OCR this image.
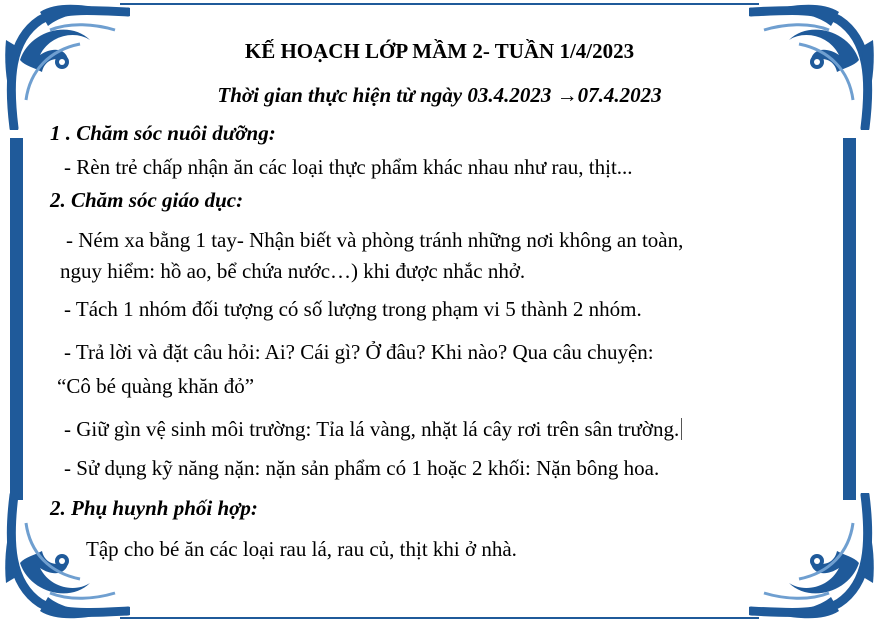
KẾ HOẠCH LỚP MẦM 2- TUẦN 1/4/2023
Thời gian thực hiện từ ngày 03.4.2023 →07.4.2023
1 . Chăm sóc nuôi dưỡng:
- Rèn trẻ chấp nhận ăn các loại thực phẩm khác nhau như rau, thịt...
2. Chăm sóc giáo dục:
- Ném xa bằng 1 tay- Nhận biết và phòng tránh những nơi không an toàn,
nguy hiểm: hồ ao, bể chứa nước…) khi được nhắc nhở.
- Tách 1 nhóm đối tượng có số lượng trong phạm vi 5 thành 2 nhóm.
- Trả lời và đặt câu hỏi: Ai? Cái gì? Ở đâu? Khi nào? Qua câu chuyện:
“Cô bé quàng khăn đỏ”
- Giữ gìn vệ sinh môi trường: Tỉa lá vàng, nhặt lá cây rơi trên sân trường.
- Sử dụng kỹ năng nặn: nặn sản phẩm có 1 hoặc 2 khối: Nặn bông hoa.
2. Phụ huynh phối hợp:
Tập cho bé ăn các loại rau lá, rau củ, thịt khi ở nhà.
